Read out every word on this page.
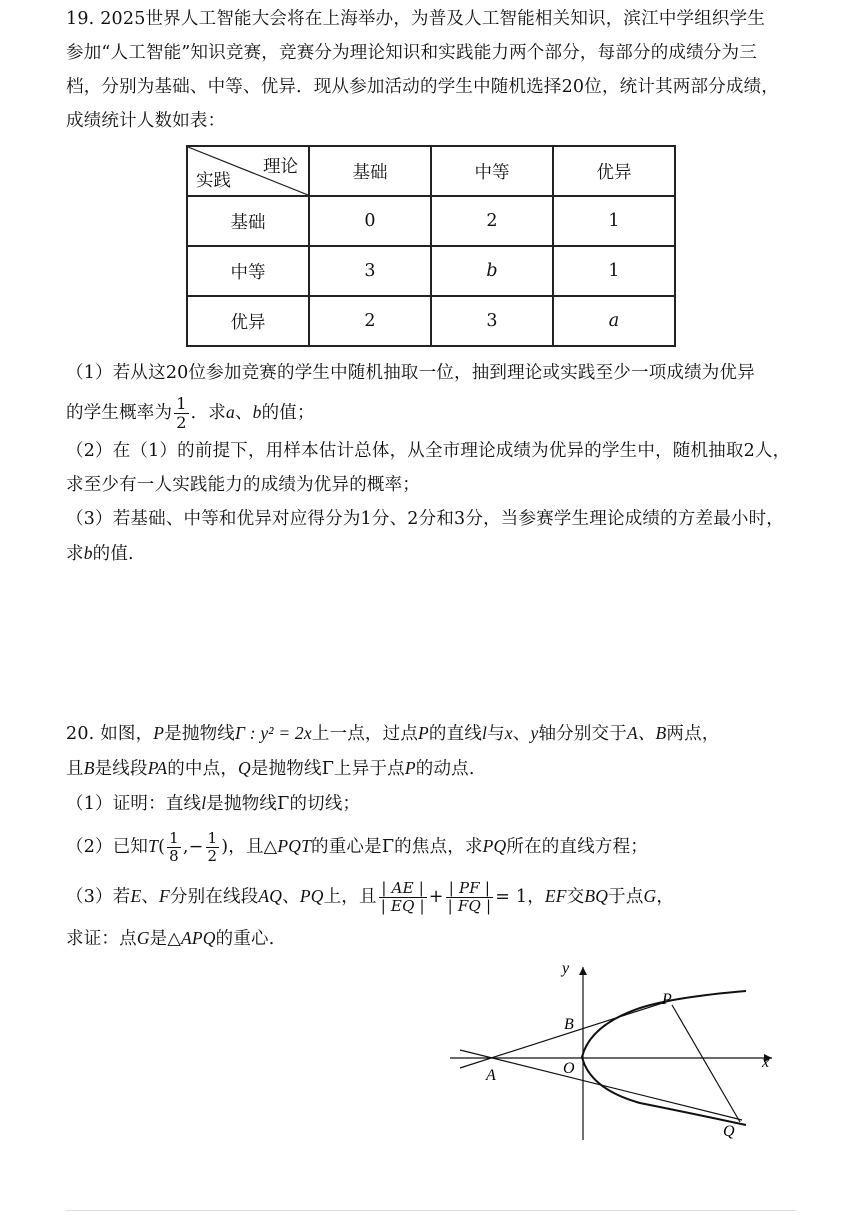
19. 2025世界人工智能大会将在上海举办，为普及人工智能相关知识，滨江中学组织学生
参加“人工智能”知识竞赛，竞赛分为理论知识和实践能力两个部分，每部分的成绩分为三
档，分别为基础、中等、优异．现从参加活动的学生中随机选择20位，统计其两部分成绩，
成绩统计人数如表：
理论
实践	基础	中等	优异
基础	0	2	1
中等	3	b	1
优异	2	3	a
（1）若从这20位参加竞赛的学生中随机抽取一位，抽到理论或实践至少一项成绩为优异
的学生概率为 $\frac{1}{2}$ ．求a、b的值；
（2）在（1）的前提下，用样本估计总体，从全市理论成绩为优异的学生中，随机抽取2人，
求至少有一人实践能力的成绩为优异的概率；
（3）若基础、中等和优异对应得分为1分、2分和3分，当参赛学生理论成绩的方差最小时，
求b的值.
20. 如图，P是抛物线Γ : y² = 2x上一点，过点P的直线l与x、y轴分别交于A、B两点，
且B是线段PA的中点，Q是抛物线Γ上异于点P的动点.
（1）证明：直线l是抛物线Γ的切线；
（2）已知$T( \frac{1}{8}$ ,− $\frac{1}{2}$ )，且△PQT的重心是Γ的焦点，求PQ所在的直线方程；
（3）若E、F分别在线段AQ、PQ上，且 $\frac{| AE |}{| EQ |} + \frac{| PF |}{| FQ |} = 1$，EF交BQ于点G，
求证：点G是△APQ的重心.
y
x
P
B
A	O
Q
